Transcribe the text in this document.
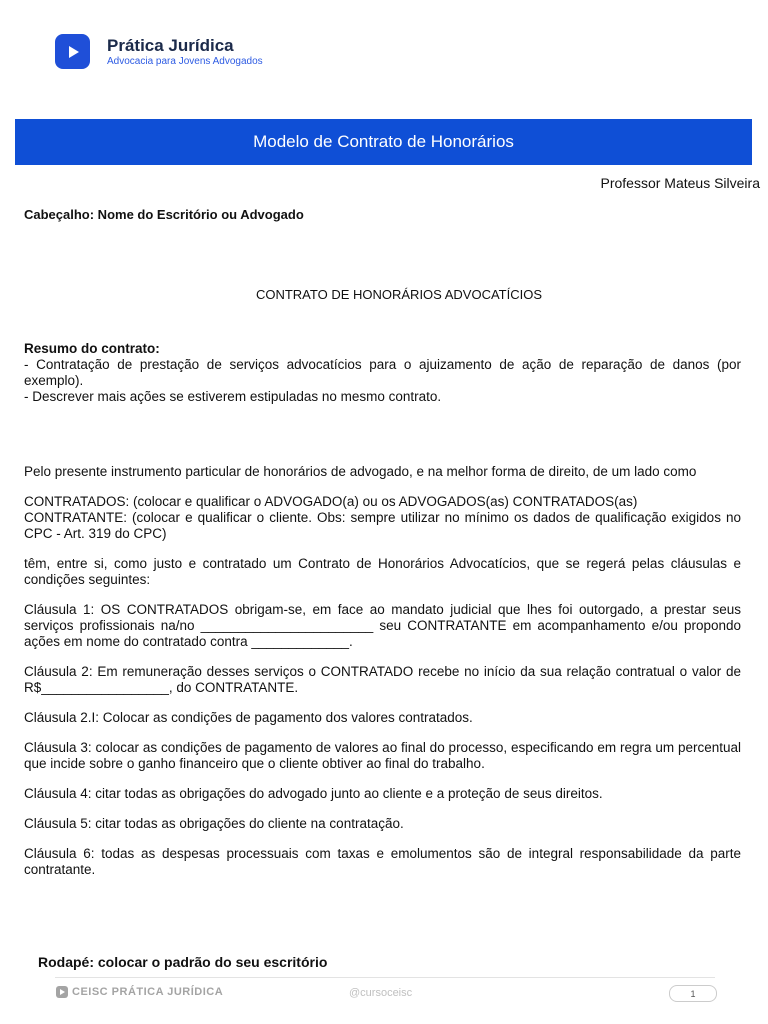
Prática Jurídica
Advocacia para Jovens Advogados
Modelo de Contrato de Honorários
Professor Mateus Silveira
Cabeçalho: Nome do Escritório ou Advogado
CONTRATO DE HONORÁRIOS ADVOCATÍCIOS

Resumo do contrato:

- Contratação de prestação de serviços advocatícios para o ajuizamento de ação de reparação de danos (por exemplo).

- Descrever mais ações se estiverem estipuladas no mesmo contrato.

Pelo presente instrumento particular de honorários de advogado, e na melhor forma de direito, de um lado como

CONTRATADOS: (colocar e qualificar o ADVOGADO(a) ou os ADVOGADOS(as) CONTRATADOS(as)

CONTRATANTE: (colocar e qualificar o cliente. Obs: sempre utilizar no mínimo os dados de qualificação exigidos no CPC - Art. 319 do CPC)

têm, entre si, como justo e contratado um Contrato de Honorários Advocatícios, que se regerá pelas cláusulas e condições seguintes:

Cláusula 1: OS CONTRATADOS obrigam-se, em face ao mandato judicial que lhes foi outorgado, a prestar seus serviços profissionais na/no _______________________ seu CONTRATANTE em acompanhamento e/ou propondo ações em nome do contratado contra _____________.

Cláusula 2: Em remuneração desses serviços o CONTRATADO recebe no início da sua relação contratual o valor de R$_________________, do CONTRATANTE.

Cláusula 2.I: Colocar as condições de pagamento dos valores contratados.

Cláusula 3: colocar as condições de pagamento de valores ao final do processo, especificando em regra um percentual que incide sobre o ganho financeiro que o cliente obtiver ao final do trabalho.

Cláusula 4: citar todas as obrigações do advogado junto ao cliente e a proteção de seus direitos.

Cláusula 5: citar todas as obrigações do cliente na contratação.

Cláusula 6: todas as despesas processuais com taxas e emolumentos são de integral responsabilidade da parte contratante.

Rodapé: colocar o padrão do seu escritório
CEISC PRÁTICA JURÍDICA	@cursoceisc	1
